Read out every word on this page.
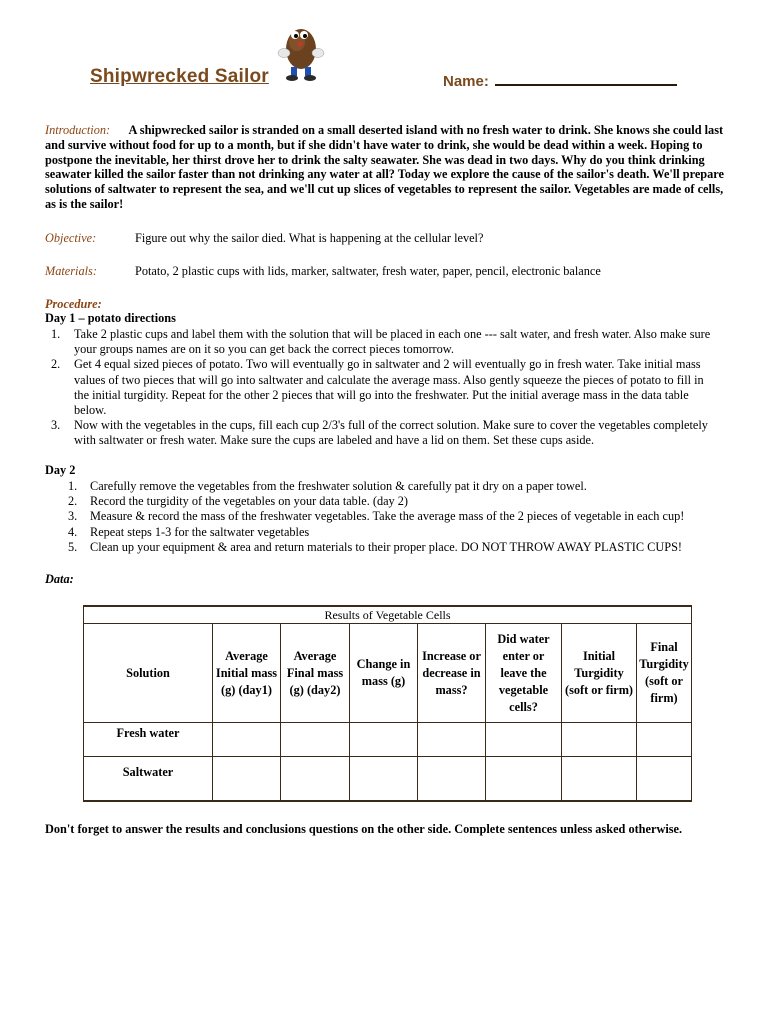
Shipwrecked Sailor	Name:
Introduction: A shipwrecked sailor is stranded on a small deserted island with no fresh water to drink. She knows she could last and survive without food for up to a month, but if she didn't have water to drink, she would be dead within a week. Hoping to postpone the inevitable, her thirst drove her to drink the salty seawater. She was dead in two days. Why do you think drinking seawater killed the sailor faster than not drinking any water at all? Today we explore the cause of the sailor's death. We'll prepare solutions of saltwater to represent the sea, and we'll cut up slices of vegetables to represent the sailor. Vegetables are made of cells, as is the sailor!
Objective:	Figure out why the sailor died. What is happening at the cellular level?
Materials:	Potato, 2 plastic cups with lids, marker, saltwater, fresh water, paper, pencil, electronic balance
Procedure:
Day 1 – potato directions
1. Take 2 plastic cups and label them with the solution that will be placed in each one --- salt water, and fresh water. Also make sure your groups names are on it so you can get back the correct pieces tomorrow.
2. Get 4 equal sized pieces of potato. Two will eventually go in saltwater and 2 will eventually go in fresh water. Take initial mass values of two pieces that will go into saltwater and calculate the average mass. Also gently squeeze the pieces of potato to fill in the initial turgidity. Repeat for the other 2 pieces that will go into the freshwater. Put the initial average mass in the data table below.
3. Now with the vegetables in the cups, fill each cup 2/3's full of the correct solution. Make sure to cover the vegetables completely with saltwater or fresh water. Make sure the cups are labeled and have a lid on them. Set these cups aside.
Day 2
1. Carefully remove the vegetables from the freshwater solution & carefully pat it dry on a paper towel.
2. Record the turgidity of the vegetables on your data table. (day 2)
3. Measure & record the mass of the freshwater vegetables. Take the average mass of the 2 pieces of vegetable in each cup!
4. Repeat steps 1-3 for the saltwater vegetables
5. Clean up your equipment & area and return materials to their proper place. DO NOT THROW AWAY PLASTIC CUPS!
Data:
Results of Vegetable Cells							
Solution	Average Initial mass (g) (day1)	Average Final mass (g) (day2)	Change in mass (g)	Increase or decrease in mass?	Did water enter or leave the vegetable cells?	Initial Turgidity (soft or firm)	Final Turgidity (soft or firm)
Fresh water							
Saltwater							
Don't forget to answer the results and conclusions questions on the other side. Complete sentences unless asked otherwise.
